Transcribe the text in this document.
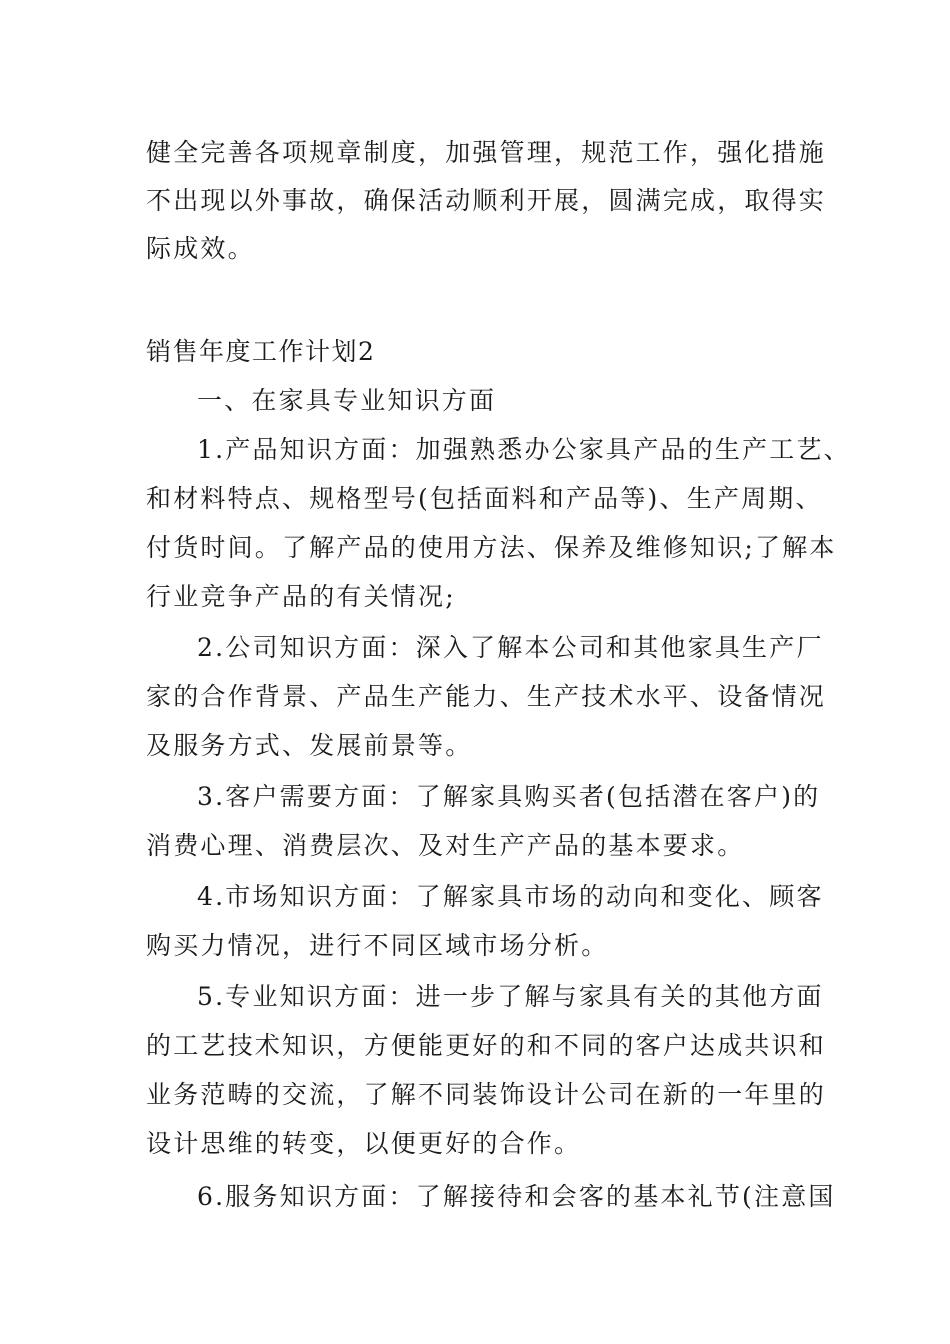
健全完善各项规章制度，加强管理，规范工作，强化措施
不出现以外事故，确保活动顺利开展，圆满完成，取得实
际成效。
销售年度工作计划2
一、在家具专业知识方面
1.产品知识方面：加强熟悉办公家具产品的生产工艺、
和材料特点、规格型号(包括面料和产品等)、生产周期、
付货时间。了解产品的使用方法、保养及维修知识;了解本
行业竞争产品的有关情况;
2.公司知识方面：深入了解本公司和其他家具生产厂
家的合作背景、产品生产能力、生产技术水平、设备情况
及服务方式、发展前景等。
3.客户需要方面：了解家具购买者(包括潜在客户)的
消费心理、消费层次、及对生产产品的基本要求。
4.市场知识方面：了解家具市场的动向和变化、顾客
购买力情况，进行不同区域市场分析。
5.专业知识方面：进一步了解与家具有关的其他方面
的工艺技术知识，方便能更好的和不同的客户达成共识和
业务范畴的交流，了解不同装饰设计公司在新的一年里的
设计思维的转变，以便更好的合作。
6.服务知识方面：了解接待和会客的基本礼节(注意国
